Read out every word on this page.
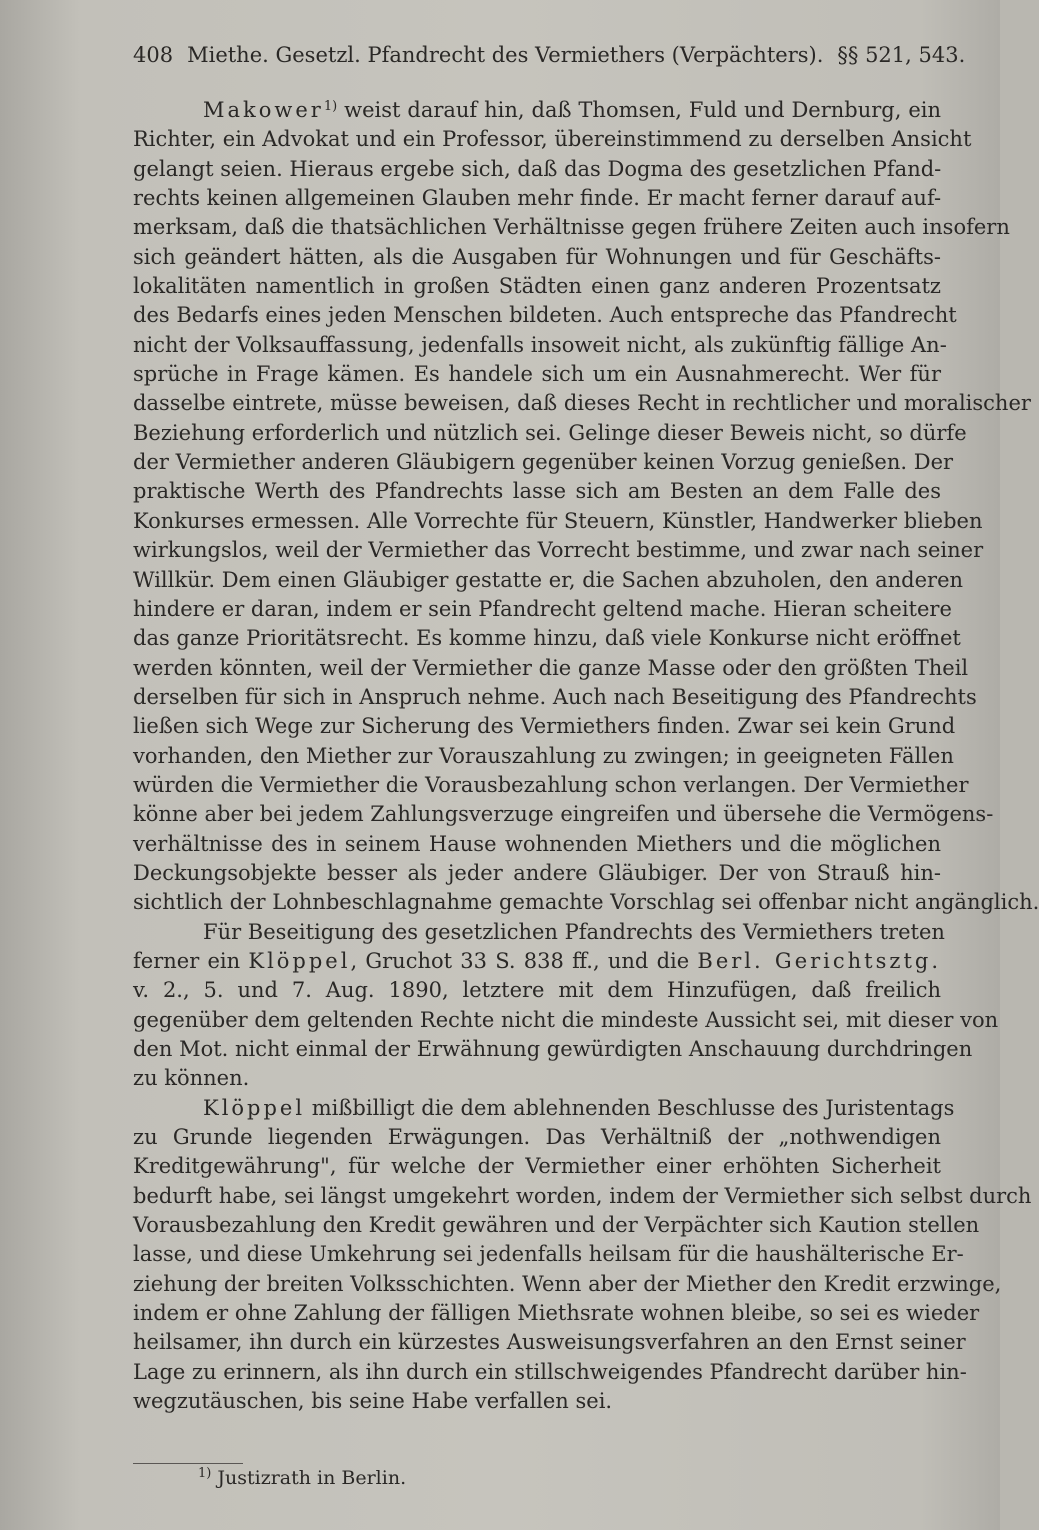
408 Miethe. Gesetzl. Pfandrecht des Vermiethers (Verpächters). §§ 521, 543.
Makower$^{1)}$ weist darauf hin, daß Thomsen, Fuld und Dernburg, ein
Richter, ein Advokat und ein Professor, übereinstimmend zu derselben Ansicht
gelangt seien. Hieraus ergebe sich, daß das Dogma des gesetzlichen Pfand-
rechts keinen allgemeinen Glauben mehr finde. Er macht ferner darauf auf-
merksam, daß die thatsächlichen Verhältnisse gegen frühere Zeiten auch insofern
sich geändert hätten, als die Ausgaben für Wohnungen und für Geschäfts-
lokalitäten namentlich in großen Städten einen ganz anderen Prozentsatz
des Bedarfs eines jeden Menschen bildeten. Auch entspreche das Pfandrecht
nicht der Volksauffassung, jedenfalls insoweit nicht, als zukünftig fällige An-
sprüche in Frage kämen. Es handele sich um ein Ausnahmerecht. Wer für
dasselbe eintrete, müsse beweisen, daß dieses Recht in rechtlicher und moralischer
Beziehung erforderlich und nützlich sei. Gelinge dieser Beweis nicht, so dürfe
der Vermiether anderen Gläubigern gegenüber keinen Vorzug genießen. Der
praktische Werth des Pfandrechts lasse sich am Besten an dem Falle des
Konkurses ermessen. Alle Vorrechte für Steuern, Künstler, Handwerker blieben
wirkungslos, weil der Vermiether das Vorrecht bestimme, und zwar nach seiner
Willkür. Dem einen Gläubiger gestatte er, die Sachen abzuholen, den anderen
hindere er daran, indem er sein Pfandrecht geltend mache. Hieran scheitere
das ganze Prioritätsrecht. Es komme hinzu, daß viele Konkurse nicht eröffnet
werden könnten, weil der Vermiether die ganze Masse oder den größten Theil
derselben für sich in Anspruch nehme. Auch nach Beseitigung des Pfandrechts
ließen sich Wege zur Sicherung des Vermiethers finden. Zwar sei kein Grund
vorhanden, den Miether zur Vorauszahlung zu zwingen; in geeigneten Fällen
würden die Vermiether die Vorausbezahlung schon verlangen. Der Vermiether
könne aber bei jedem Zahlungsverzuge eingreifen und übersehe die Vermögens-
verhältnisse des in seinem Hause wohnenden Miethers und die möglichen
Deckungsobjekte besser als jeder andere Gläubiger. Der von Strauß hin-
sichtlich der Lohnbeschlagnahme gemachte Vorschlag sei offenbar nicht angänglich.
Für Beseitigung des gesetzlichen Pfandrechts des Vermiethers treten
ferner ein Klöppel, Gruchot 33 S. 838 ff., und die Berl. Gerichtsztg.
v. 2., 5. und 7. Aug. 1890, letztere mit dem Hinzufügen, daß freilich
gegenüber dem geltenden Rechte nicht die mindeste Aussicht sei, mit dieser von
den Mot. nicht einmal der Erwähnung gewürdigten Anschauung durchdringen
zu können.
Klöppel mißbilligt die dem ablehnenden Beschlusse des Juristentags
zu Grunde liegenden Erwägungen. Das Verhältniß der „nothwendigen
Kreditgewährung", für welche der Vermiether einer erhöhten Sicherheit
bedurft habe, sei längst umgekehrt worden, indem der Vermiether sich selbst durch
Vorausbezahlung den Kredit gewähren und der Verpächter sich Kaution stellen
lasse, und diese Umkehrung sei jedenfalls heilsam für die haushälterische Er-
ziehung der breiten Volksschichten. Wenn aber der Miether den Kredit erzwinge,
indem er ohne Zahlung der fälligen Miethsrate wohnen bleibe, so sei es wieder
heilsamer, ihn durch ein kürzestes Ausweisungsverfahren an den Ernst seiner
Lage zu erinnern, als ihn durch ein stillschweigendes Pfandrecht darüber hin-
wegzutäuschen, bis seine Habe verfallen sei.
$^{1)}$ Justizrath in Berlin.
